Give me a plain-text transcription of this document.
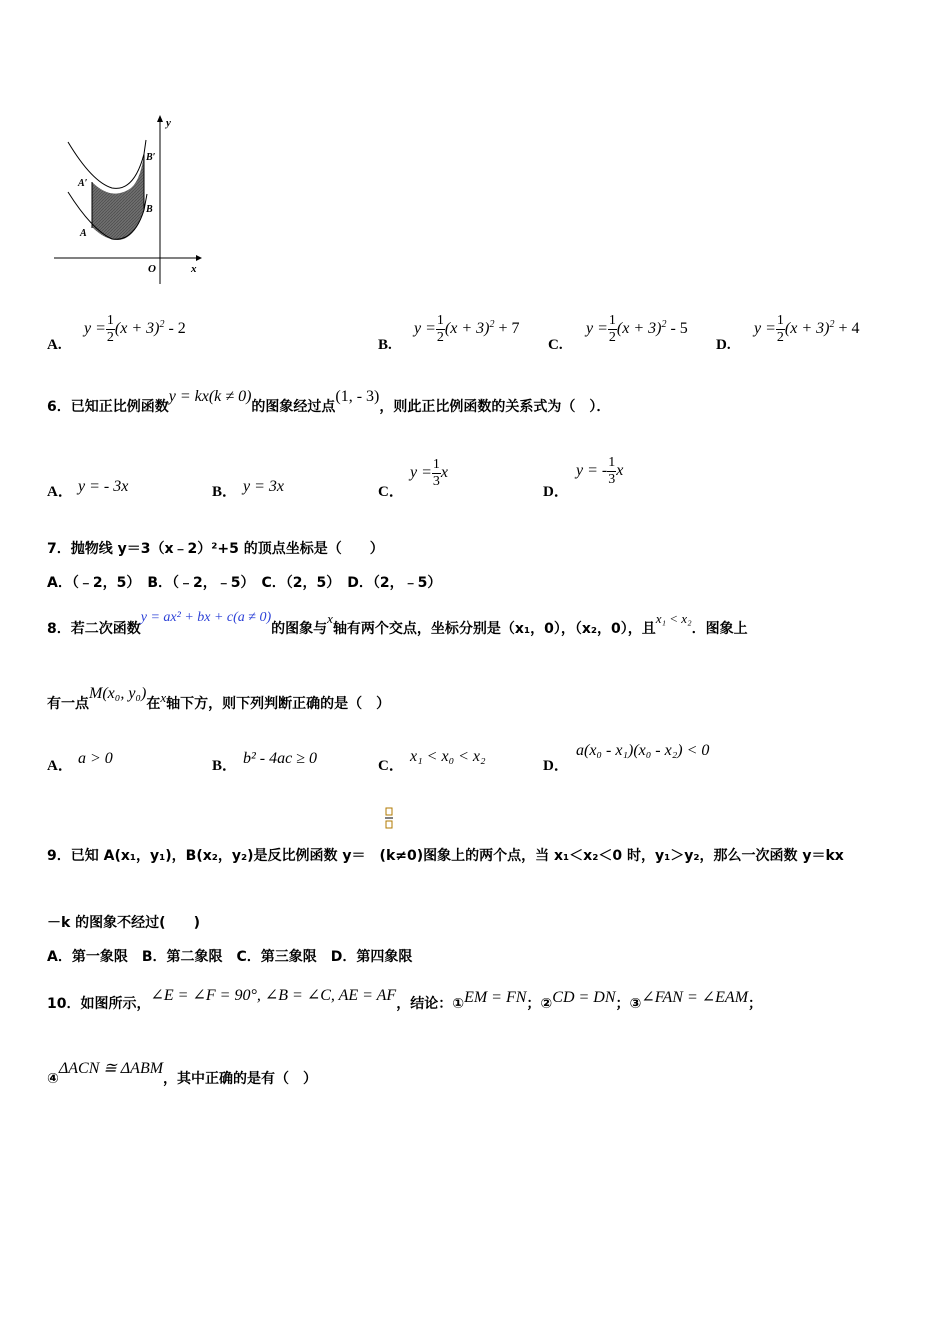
y
x
O
A
B
A′
B′
A.
$y = \frac{1}{2} (x + 3)^2 - 2$
B.
$y = \frac{1}{2} (x + 3)^2 + 7$
C.
$y = \frac{1}{2} (x + 3)^2 - 5$
D.
$y = \frac{1}{2} (x + 3)^2 + 4$
6．已知正比例函数y = kx(k ≠ 0)的图象经过点(1, - 3)，则此正比例函数的关系式为（　）．
A． y = - 3x	B． y = 3x	C．
$y = \frac{1}{3}$ x
D．
y = - $\frac{1}{3}$ x
7．抛物线 y＝3（x﹣2）²+5 的顶点坐标是（　　）
A．（﹣2，5）　B．（﹣2，﹣5）　C．（2，5）　D．（2，﹣5）
8．若二次函数y = ax² + bx + c(a ≠ 0)的图象与$^x$轴有两个交点，坐标分别是（x₁，0），（x₂，0），且$^{x_1 < x_2}$．图象上
有一点M(x₀, y₀)在$^x$轴下方，则下列判断正确的是（　）
A． a > 0	B． b² - 4ac ≥ 0	C．
x₁ < x₀ < x₂
D．
a(x₀ - x₁)(x₀ - x₂) < 0
9．已知 A(x₁，y₁)，B(x₂，y₂)是反比例函数 y＝　(k≠0)图象上的两个点，当 x₁＜x₂＜0 时，y₁＞y₂，那么一次函数 y＝kx
－k 的图象不经过(　　)
A．第一象限　B．第二象限　C．第三象限　D．第四象限
10．如图所示，∠E = ∠F = 90°, ∠B = ∠C, AE = AF，结论：①EM = FN；②CD = DN；③∠FAN = ∠EAM；
④ΔACN ≅ ΔABM，其中正确的是有（　）
